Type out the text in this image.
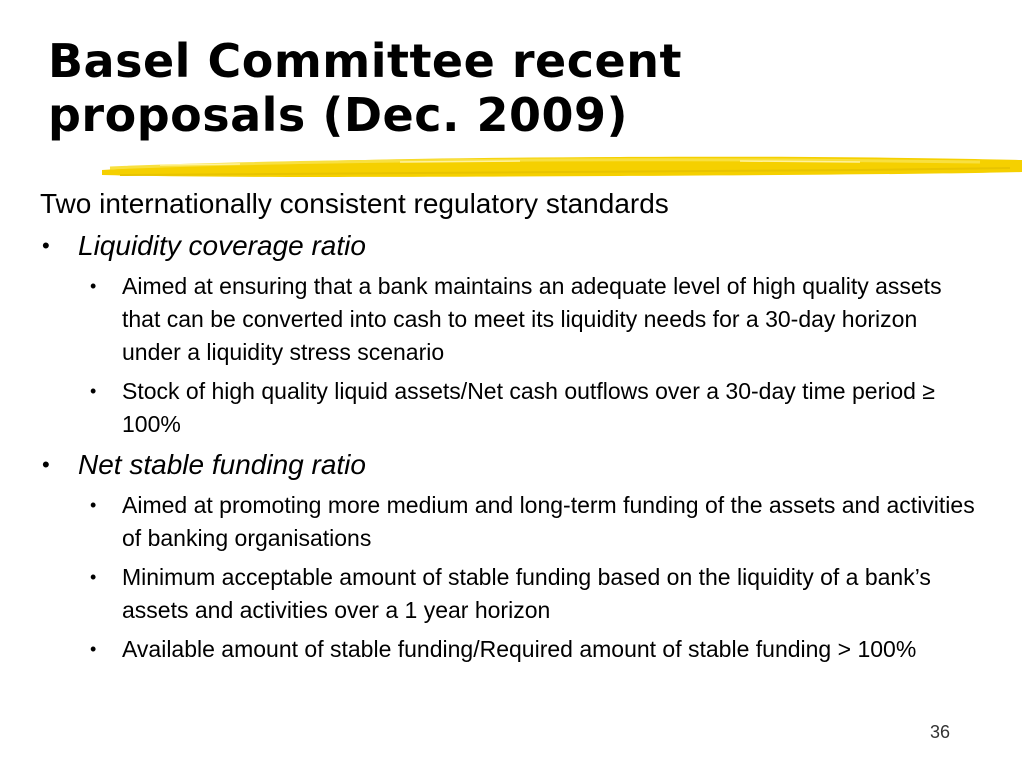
Basel Committee recent
proposals (Dec. 2009)
Two internationally consistent regulatory standards
• Liquidity coverage ratio
• Aimed at ensuring that a bank maintains an adequate level of high quality assets that can be converted into cash to meet its liquidity needs for a 30-day horizon under a liquidity stress scenario
• Stock of high quality liquid assets/Net cash outflows over a 30-day time period ≥ 100%
• Net stable funding ratio
• Aimed at promoting more medium and long-term funding of the assets and activities of banking organisations
• Minimum acceptable amount of stable funding based on the liquidity of a bank’s assets and activities over a 1 year horizon
• Available amount of stable funding/Required amount of stable funding > 100%
36
